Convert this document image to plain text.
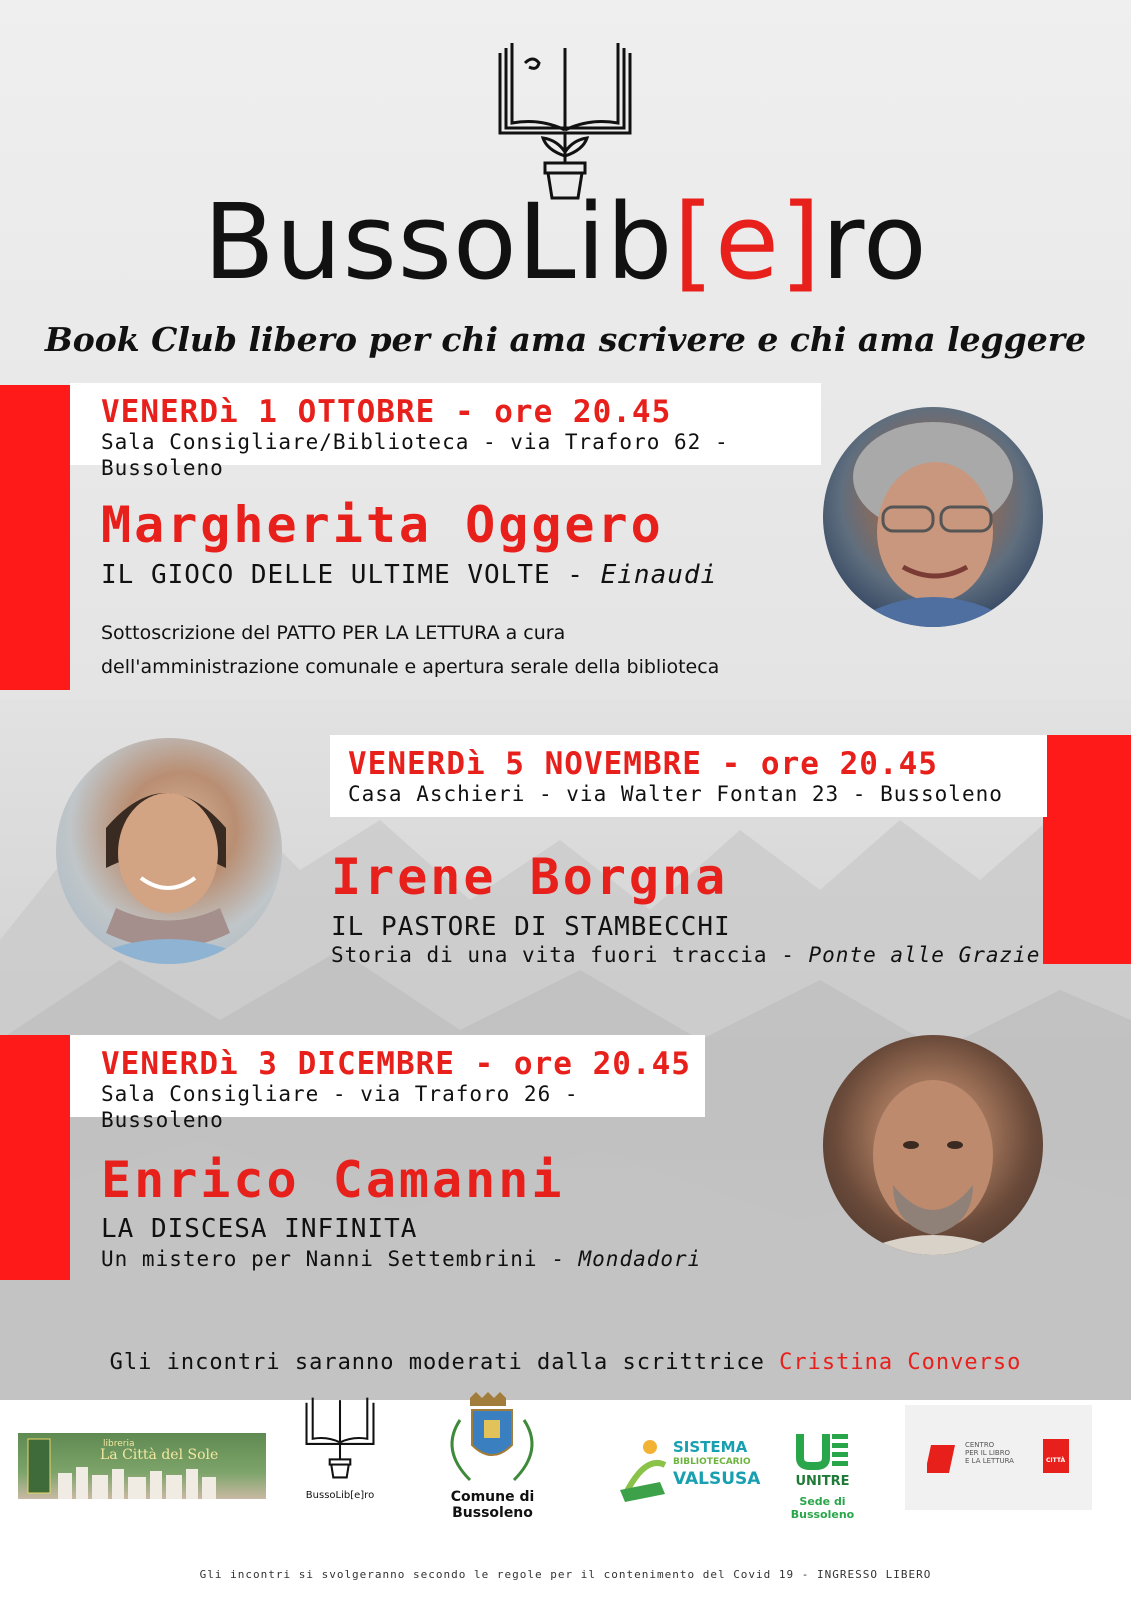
BussoLib[e]ro
Book Club libero per chi ama scrivere e chi ama leggere
VENERDì 1 OTTOBRE - ore 20.45
Sala Consigliare/Biblioteca - via Traforo 62 - Bussoleno
Margherita Oggero
IL GIOCO DELLE ULTIME VOLTE - Einaudi
Sottoscrizione del PATTO PER LA LETTURA a cura
dell'amministrazione comunale e apertura serale della biblioteca
VENERDì 5 NOVEMBRE - ore 20.45
Casa Aschieri - via Walter Fontan 23 - Bussoleno
Irene Borgna
IL PASTORE DI STAMBECCHI
Storia di una vita fuori traccia - Ponte alle Grazie
VENERDì 3 DICEMBRE - ore 20.45
Sala Consigliare - via Traforo 26 - Bussoleno
Enrico Camanni
LA DISCESA INFINITA
Un mistero per Nanni Settembrini - Mondadori
Gli incontri saranno moderati dalla scrittrice Cristina Converso
libreria
La Città del Sole
BussoLib[e]ro	Comune di Bussoleno
SISTEMA
BIBLIOTECARIO
VALSUSA	UNITRE
Sede di Bussoleno
CENTRO
PER IL LIBRO
E LA LETTURA	CITTÀ
Gli incontri si svolgeranno secondo le regole per il contenimento del Covid 19 - INGRESSO LIBERO
